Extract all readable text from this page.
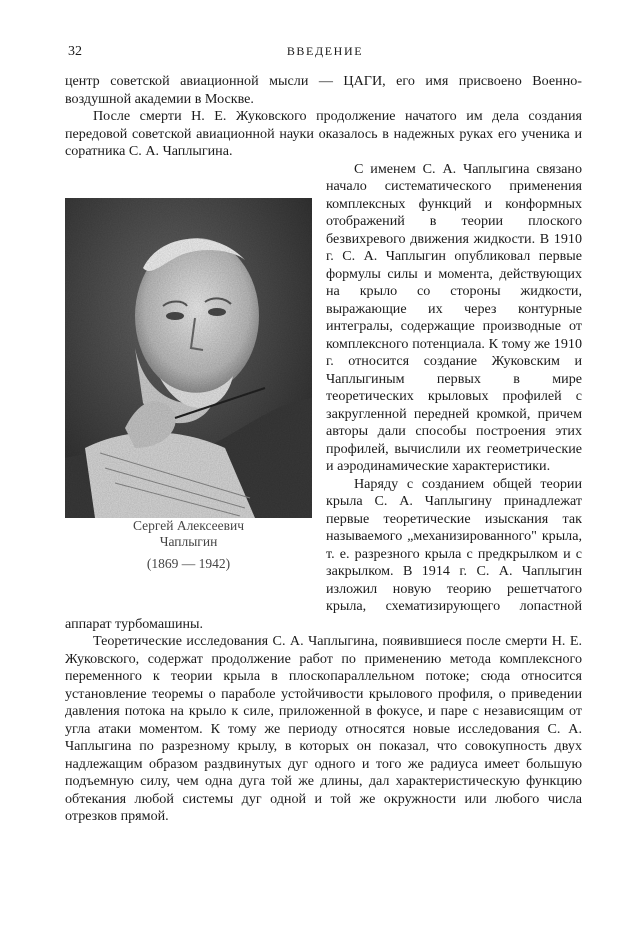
32	ВВЕДЕНИЕ

центр советской авиационной мысли — ЦАГИ, его имя присвоено Военно-воздушной академии в Москве.

После смерти Н. Е. Жуковского продолжение начатого им дела создания передовой советской авиационной науки оказалось в надежных руках его ученика и соратника С. А. Чаплыгина.

Сергей Алексеевич
Чаплыгин
(1869 — 1942)
С именем С. А. Чаплыгина связано начало систематического применения комплексных функций и конформных отображений в теории плоского безвихревого движения жидкости. В 1910 г. С. А. Чаплыгин опубликовал первые формулы силы и момента, действующих на крыло со стороны жидкости, выражающие их через контурные интегралы, содержащие производные от комплексного потенциала. К тому же 1910 г. относится создание Жуковским и Чаплыгиным первых в мире теоретических крыловых профилей с закругленной передней кромкой, причем авторы дали способы построения этих профилей, вычислили их геометрические и аэродинамические характеристики.

Наряду с созданием общей теории крыла С. А. Чаплыгину принадлежат первые теоретические изыскания так называемого „механизированного" крыла, т. е. разрезного крыла с предкрылком и с закрылком. В 1914 г. С. А. Чаплыгин изложил новую теорию решетчатого крыла, схематизирующего лопастной аппарат турбомашины.

Теоретические исследования С. А. Чаплыгина, появившиеся после смерти Н. Е. Жуковского, содержат продолжение работ по применению метода комплексного переменного к теории крыла в плоскопараллельном потоке; сюда относится установление теоремы о параболе устойчивости крылового профиля, о приведении давления потока на крыло к силе, приложенной в фокусе, и паре с независящим от угла атаки моментом. К тому же периоду относятся новые исследования С. А. Чаплыгина по разрезному крылу, в которых он показал, что совокупность двух надлежащим образом раздвинутых дуг одного и того же радиуса имеет большую подъемную силу, чем одна дуга той же длины, дал характеристическую функцию обтекания любой системы дуг одной и той же окружности или любого числа отрезков прямой.
